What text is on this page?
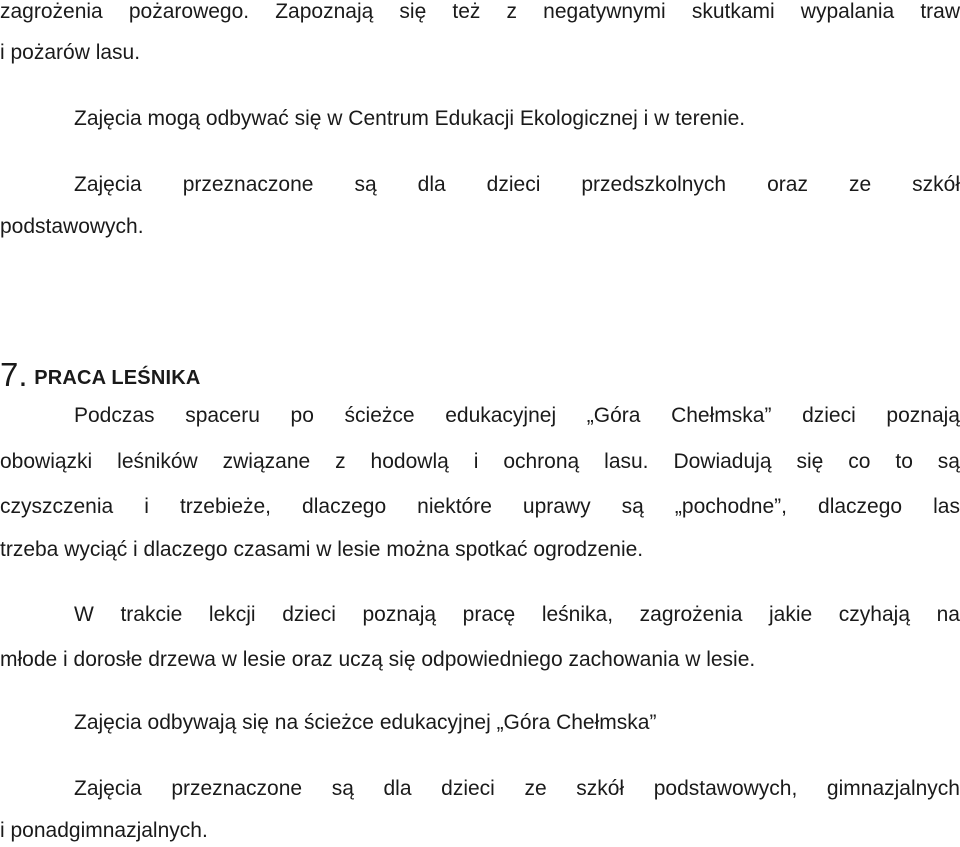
zagrożenia pożarowego. Zapoznają się też z negatywnymi skutkami wypalania traw
i pożarów lasu.
Zajęcia mogą odbywać się w Centrum Edukacji Ekologicznej i w terenie.
Zajęcia przeznaczone są dla dzieci przedszkolnych oraz ze szkół
podstawowych.
7. PRACA LEŚNIKA
Podczas spaceru po ścieżce edukacyjnej „Góra Chełmska” dzieci poznają
obowiązki leśników związane z hodowlą i ochroną lasu. Dowiadują się co to są
czyszczenia i trzebieże, dlaczego niektóre uprawy są „pochodne”, dlaczego las
trzeba wyciąć i dlaczego czasami w lesie można spotkać ogrodzenie.
W trakcie lekcji dzieci poznają pracę leśnika, zagrożenia jakie czyhają na
młode i dorosłe drzewa w lesie oraz uczą się odpowiedniego zachowania w lesie.
Zajęcia odbywają się na ścieżce edukacyjnej „Góra Chełmska”
Zajęcia przeznaczone są dla dzieci ze szkół podstawowych, gimnazjalnych
i ponadgimnazjalnych.
